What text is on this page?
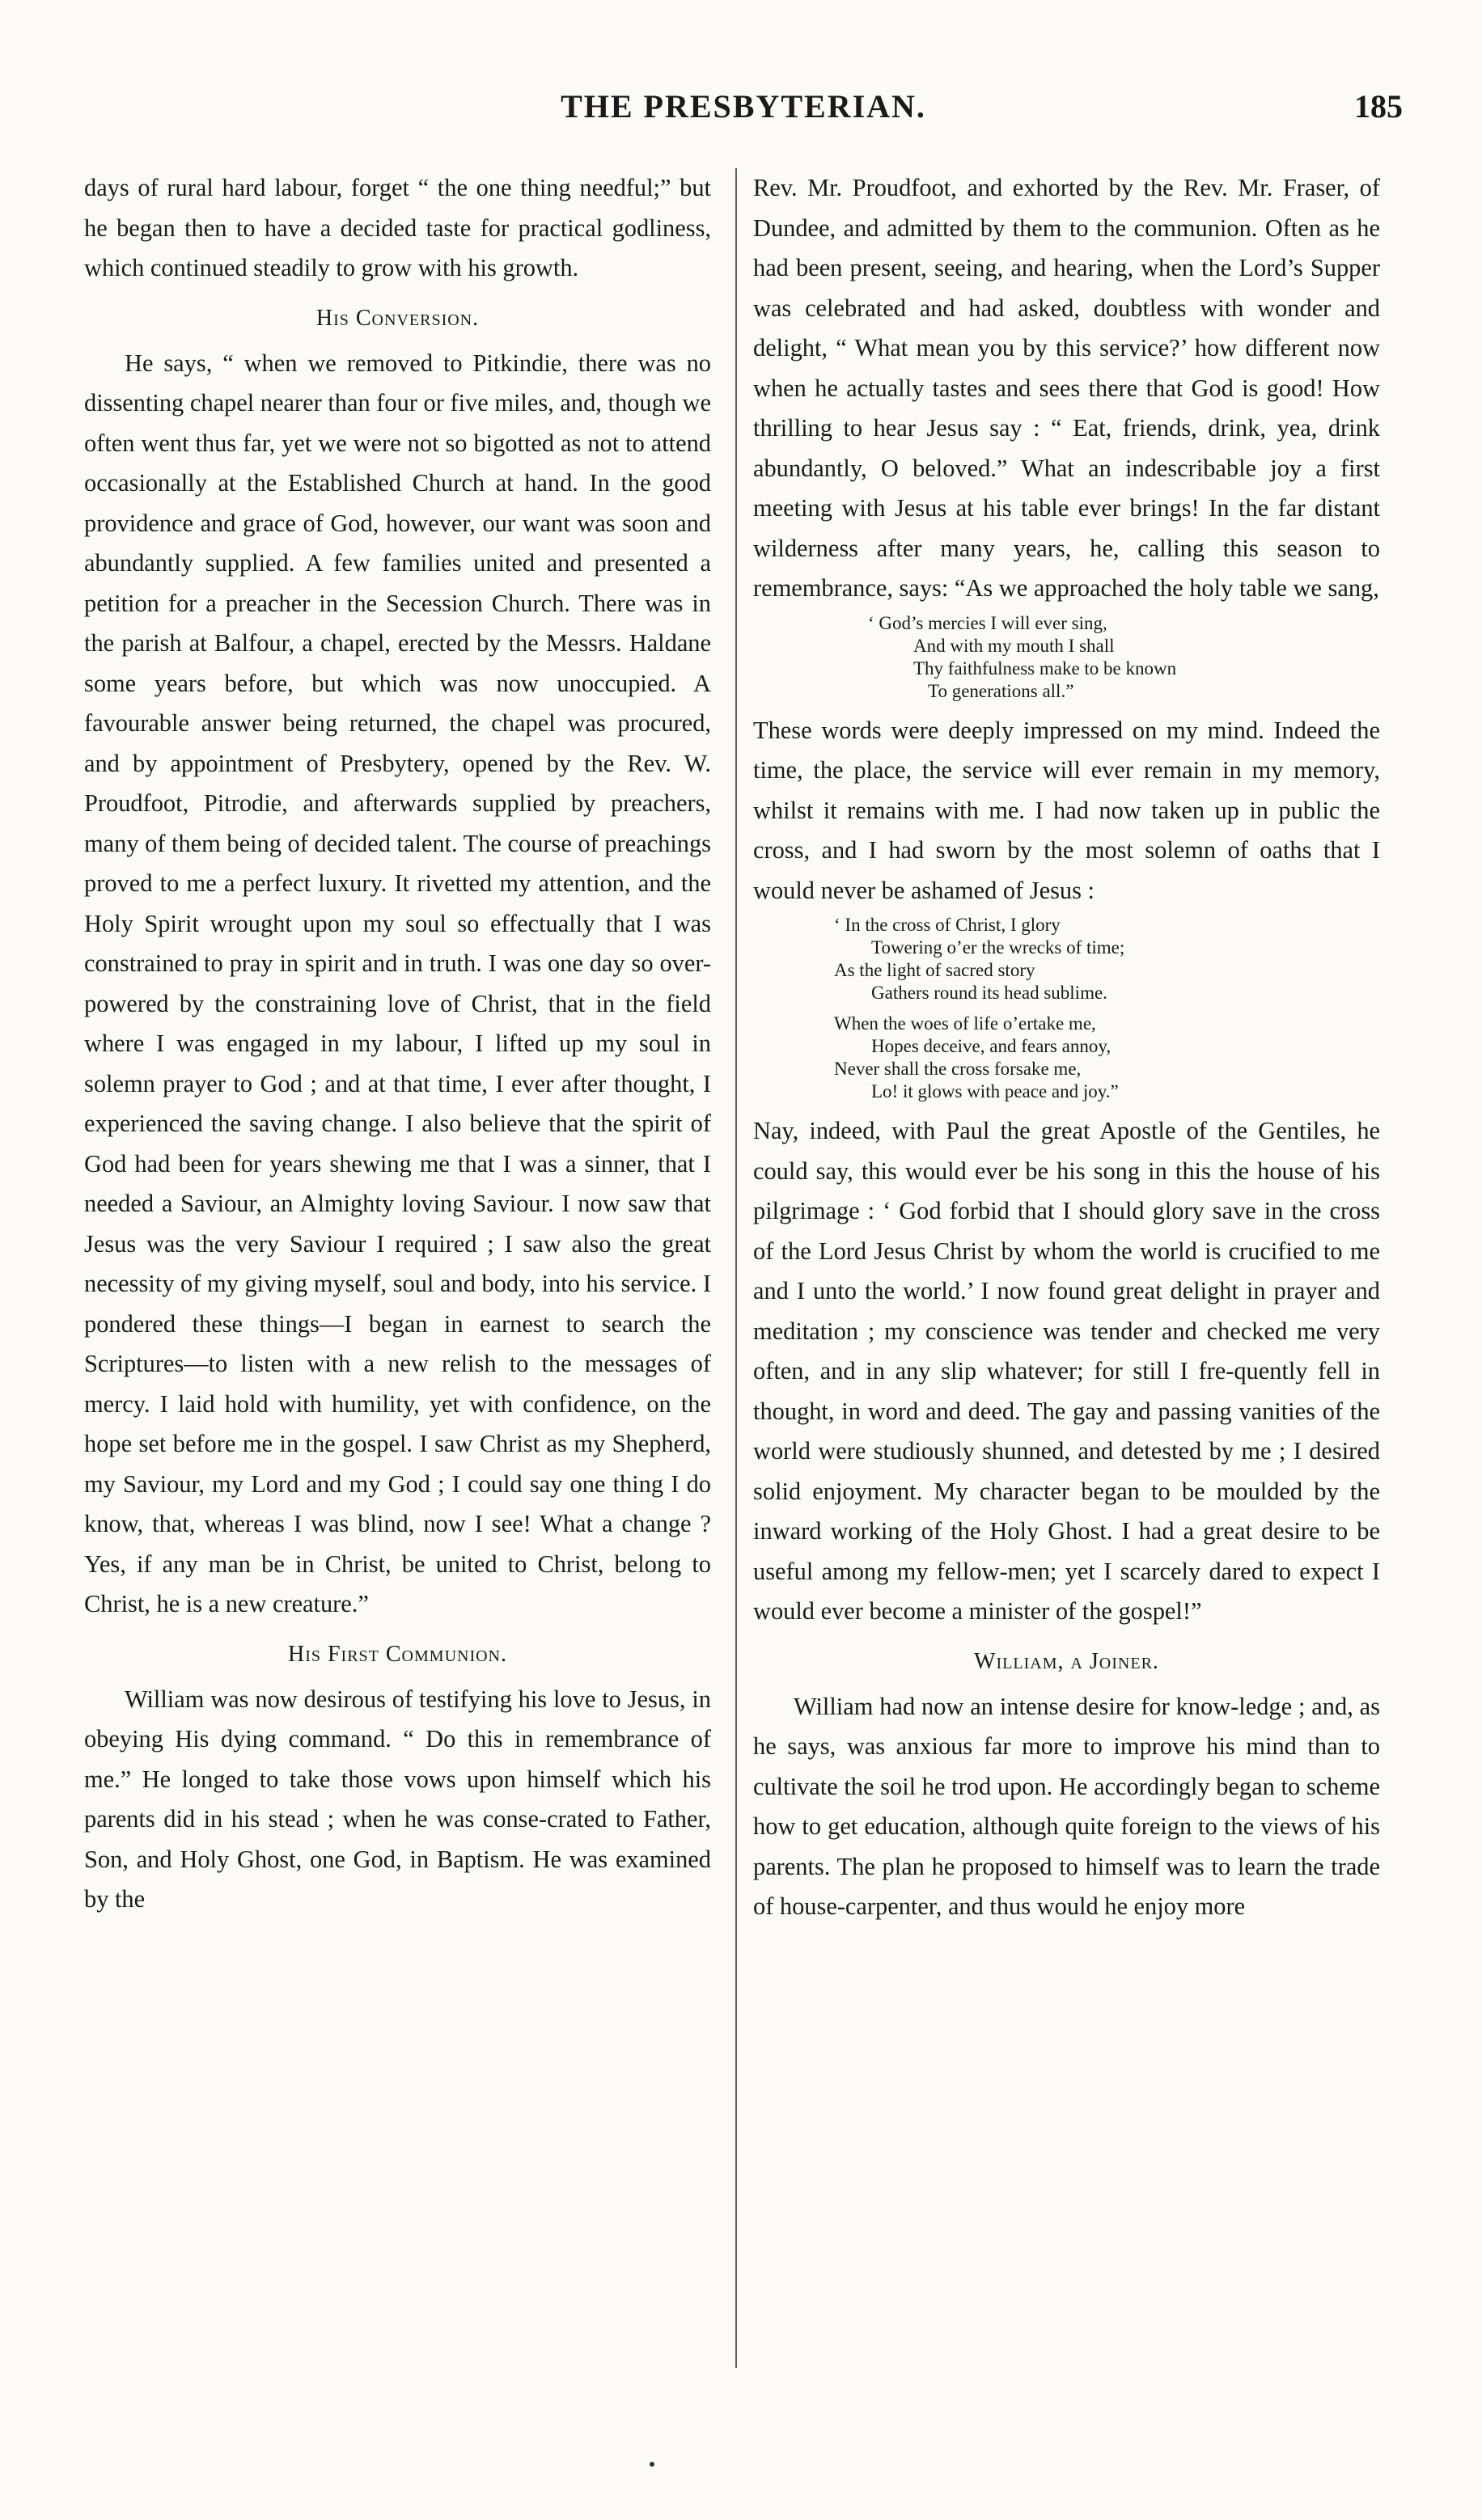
THE PRESBYTERIAN.	185

days of rural hard labour, forget “ the one thing needful;” but he began then to have a decided taste for practical godliness, which continued steadily to grow with his growth.

His Conversion.

He says, “ when we removed to Pitkindie, there was no dissenting chapel nearer than four or five miles, and, though we often went thus far, yet we were not so bigotted as not to attend occasionally at the Established Church at hand. In the good providence and grace of God, however, our want was soon and abundantly supplied. A few families united and presented a petition for a preacher in the Secession Church. There was in the parish at Balfour, a chapel, erected by the Messrs. Haldane some years before, but which was now unoccupied. A favourable answer being returned, the chapel was procured, and by appointment of Presbytery, opened by the Rev. W. Proudfoot, Pitrodie, and afterwards supplied by preachers, many of them being of decided talent. The course of preachings proved to me a perfect luxury. It rivetted my attention, and the Holy Spirit wrought upon my soul so effectually that I was constrained to pray in spirit and in truth. I was one day so over-powered by the constraining love of Christ, that in the field where I was engaged in my labour, I lifted up my soul in solemn prayer to God ; and at that time, I ever after thought, I experienced the saving change. I also believe that the spirit of God had been for years shewing me that I was a sinner, that I needed a Saviour, an Almighty loving Saviour. I now saw that Jesus was the very Saviour I required ; I saw also the great necessity of my giving myself, soul and body, into his service. I pondered these things—I began in earnest to search the Scriptures—to listen with a new relish to the messages of mercy. I laid hold with humility, yet with confidence, on the hope set before me in the gospel. I saw Christ as my Shepherd, my Saviour, my Lord and my God ; I could say one thing I do know, that, whereas I was blind, now I see! What a change ? Yes, if any man be in Christ, be united to Christ, belong to Christ, he is a new creature.”

His First Communion.

William was now desirous of testifying his love to Jesus, in obeying His dying command. “ Do this in remembrance of me.” He longed to take those vows upon himself which his parents did in his stead ; when he was conse-crated to Father, Son, and Holy Ghost, one God, in Baptism. He was examined by the

Rev. Mr. Proudfoot, and exhorted by the Rev. Mr. Fraser, of Dundee, and admitted by them to the communion. Often as he had been present, seeing, and hearing, when the Lord’s Supper was celebrated and had asked, doubtless with wonder and delight, “ What mean you by this service?’ how different now when he actually tastes and sees there that God is good! How thrilling to hear Jesus say : “ Eat, friends, drink, yea, drink abundantly, O beloved.” What an indescribable joy a first meeting with Jesus at his table ever brings! In the far distant wilderness after many years, he, calling this season to remembrance, says: “As we approached the holy table we sang,

‘ God’s mercies I will ever sing,
And with my mouth I shall
Thy faithfulness make to be known
To generations all.”

These words were deeply impressed on my mind. Indeed the time, the place, the service will ever remain in my memory, whilst it remains with me. I had now taken up in public the cross, and I had sworn by the most solemn of oaths that I would never be ashamed of Jesus :

‘ In the cross of Christ, I glory
Towering o’er the wrecks of time;
As the light of sacred story
Gathers round its head sublime.
When the woes of life o’ertake me,
Hopes deceive, and fears annoy,
Never shall the cross forsake me,
Lo! it glows with peace and joy.”

Nay, indeed, with Paul the great Apostle of the Gentiles, he could say, this would ever be his song in this the house of his pilgrimage : ‘ God forbid that I should glory save in the cross of the Lord Jesus Christ by whom the world is crucified to me and I unto the world.’ I now found great delight in prayer and meditation ; my conscience was tender and checked me very often, and in any slip whatever; for still I fre-quently fell in thought, in word and deed. The gay and passing vanities of the world were studiously shunned, and detested by me ; I desired solid enjoyment. My character began to be moulded by the inward working of the Holy Ghost. I had a great desire to be useful among my fellow-men; yet I scarcely dared to expect I would ever become a minister of the gospel!”

William, a Joiner.

William had now an intense desire for know-ledge ; and, as he says, was anxious far more to improve his mind than to cultivate the soil he trod upon. He accordingly began to scheme how to get education, although quite foreign to the views of his parents. The plan he proposed to himself was to learn the trade of house-carpenter, and thus would he enjoy more
